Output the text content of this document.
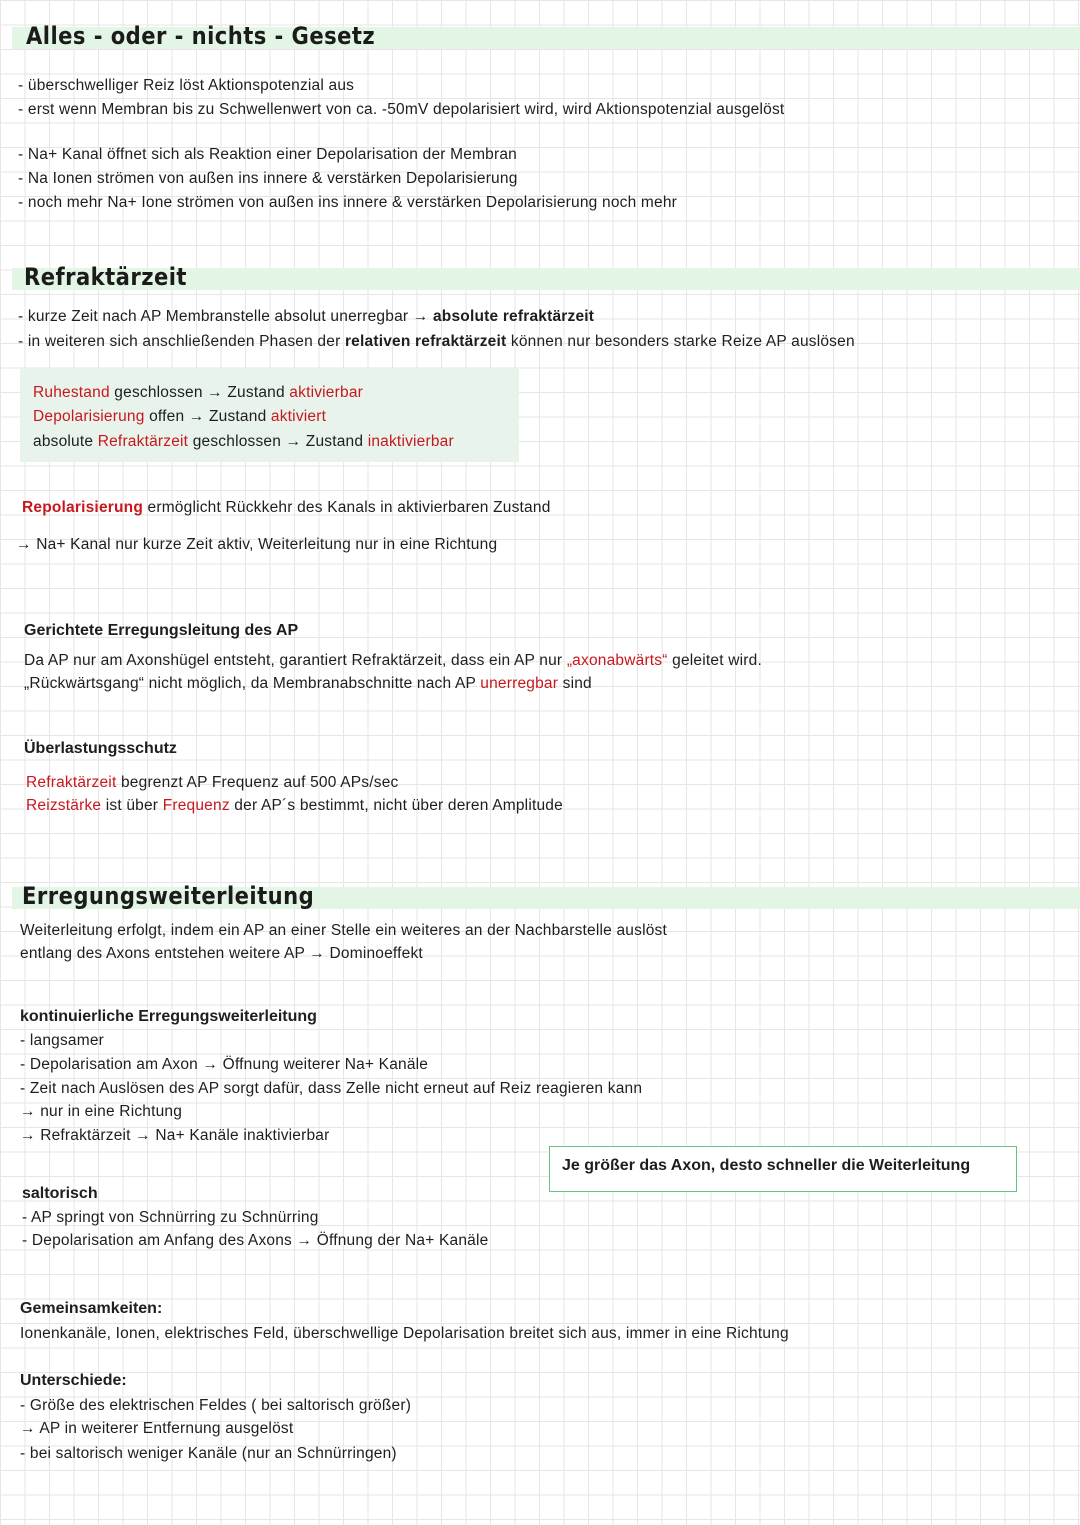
Alles - oder - nichts - Gesetz
- überschwelliger Reiz löst Aktionspotenzial aus
- erst wenn Membran bis zu Schwellenwert von ca. -50mV depolarisiert wird, wird Aktionspotenzial ausgelöst
- Na+ Kanal öffnet sich als Reaktion einer Depolarisation der Membran
- Na Ionen strömen von außen ins innere & verstärken Depolarisierung
- noch mehr Na+ Ione strömen von außen ins innere & verstärken Depolarisierung noch mehr
Refraktärzeit
- kurze Zeit nach AP Membranstelle absolut unerregbar → absolute refraktärzeit
- in weiteren sich anschließenden Phasen der relativen refraktärzeit können nur besonders starke Reize AP auslösen
Ruhestand geschlossen → Zustand aktivierbar
Depolarisierung offen → Zustand aktiviert
absolute Refraktärzeit geschlossen → Zustand inaktivierbar
Repolarisierung ermöglicht Rückkehr des Kanals in aktivierbaren Zustand
→ Na+ Kanal nur kurze Zeit aktiv, Weiterleitung nur in eine Richtung
Gerichtete Erregungsleitung des AP
Da AP nur am Axonshügel entsteht, garantiert Refraktärzeit, dass ein AP nur „axonabwärts“ geleitet wird.
„Rückwärtsgang“ nicht möglich, da Membranabschnitte nach AP unerregbar sind
Überlastungsschutz
Refraktärzeit begrenzt AP Frequenz auf 500 APs/sec
Reizstärke ist über Frequenz der AP´s bestimmt, nicht über deren Amplitude
Erregungsweiterleitung
Weiterleitung erfolgt, indem ein AP an einer Stelle ein weiteres an der Nachbarstelle auslöst
entlang des Axons entstehen weitere AP → Dominoeffekt
kontinuierliche Erregungsweiterleitung
- langsamer
- Depolarisation am Axon → Öffnung weiterer Na+ Kanäle
- Zeit nach Auslösen des AP sorgt dafür, dass Zelle nicht erneut auf Reiz reagieren kann
→ nur in eine Richtung
→ Refraktärzeit → Na+ Kanäle inaktivierbar
Je größer das Axon, desto schneller die Weiterleitung
saltorisch
- AP springt von Schnürring zu Schnürring
- Depolarisation am Anfang des Axons → Öffnung der Na+ Kanäle
Gemeinsamkeiten:
Ionenkanäle, Ionen, elektrisches Feld, überschwellige Depolarisation breitet sich aus, immer in eine Richtung
Unterschiede:
- Größe des elektrischen Feldes ( bei saltorisch größer)
→ AP in weiterer Entfernung ausgelöst
- bei saltorisch weniger Kanäle (nur an Schnürringen)
